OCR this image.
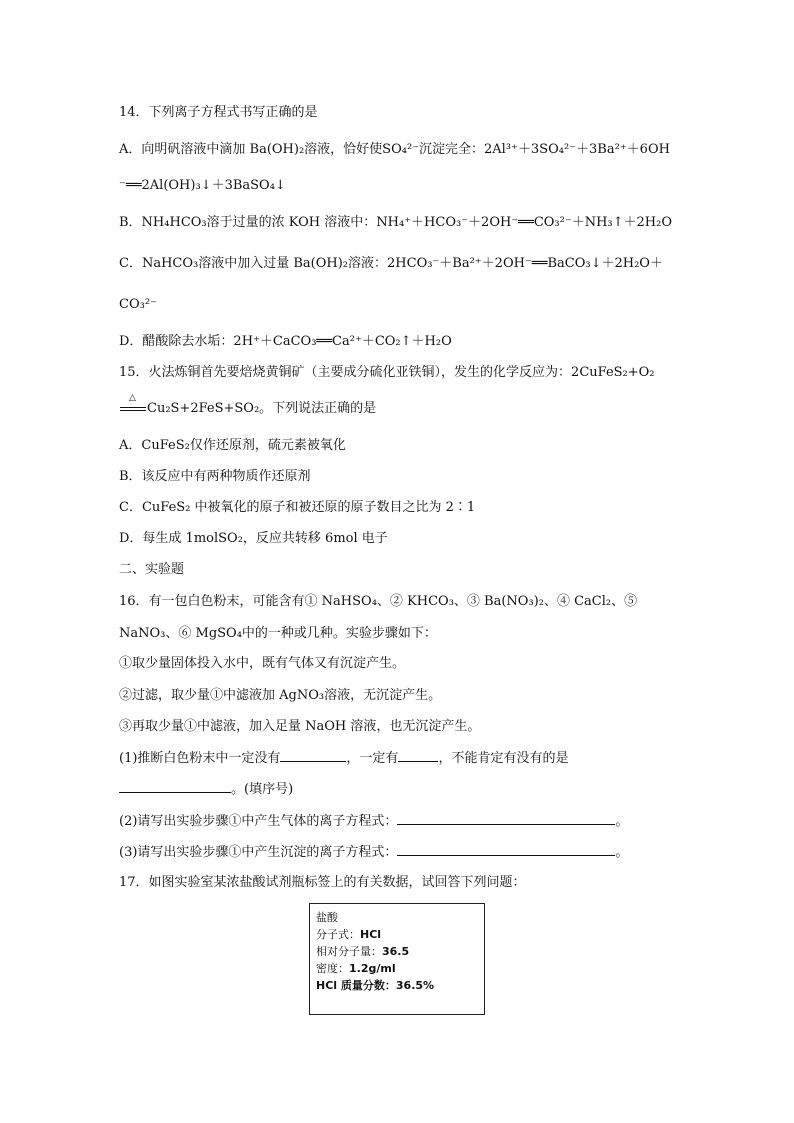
14．下列离子方程式书写正确的是
A．向明矾溶液中滴加 Ba(OH)₂溶液，恰好使SO₄²⁻沉淀完全：2Al³⁺＋3SO₄²⁻＋3Ba²⁺＋6OH
⁻══2Al(OH)₃↓＋3BaSO₄↓
B．NH₄HCO₃溶于过量的浓 KOH 溶液中：NH₄⁺＋HCO₃⁻＋2OH⁻══CO₃²⁻＋NH₃↑＋2H₂O
C．NaHCO₃溶液中加入过量 Ba(OH)₂溶液：2HCO₃⁻＋Ba²⁺＋2OH⁻══BaCO₃↓＋2H₂O＋
CO₃²⁻
D．醋酸除去水垢：2H⁺＋CaCO₃══Ca²⁺＋CO₂↑＋H₂O
15．火法炼铜首先要焙烧黄铜矿（主要成分硫化亚铁铜），发生的化学反应为：2CuFeS₂+O₂
△
Cu₂S+2FeS+SO₂。下列说法正确的是
A．CuFeS₂仅作还原剂，硫元素被氧化
B．该反应中有两种物质作还原剂
C．CuFeS₂ 中被氧化的原子和被还原的原子数目之比为 2∶1
D．每生成 1molSO₂，反应共转移 6mol 电子
二、实验题
16．有一包白色粉末，可能含有① NaHSO₄、② KHCO₃、③ Ba(NO₃)₂、④ CaCl₂、⑤
NaNO₃、⑥ MgSO₄中的一种或几种。实验步骤如下：
①取少量固体投入水中，既有气体又有沉淀产生。
②过滤，取少量①中滤液加 AgNO₃溶液，无沉淀产生。
③再取少量①中滤液，加入足量 NaOH 溶液，也无沉淀产生。
(1)推断白色粉末中一定没有	，一定有	，不能肯定有没有的是
。(填序号)
(2)请写出实验步骤①中产生气体的离子方程式：	。
(3)请写出实验步骤①中产生沉淀的离子方程式：	。
17．如图实验室某浓盐酸试剂瓶标签上的有关数据，试回答下列问题：
盐酸
分子式：HCl
相对分子量：36.5
密度：1.2g/ml
HCl 质量分数：36.5%
